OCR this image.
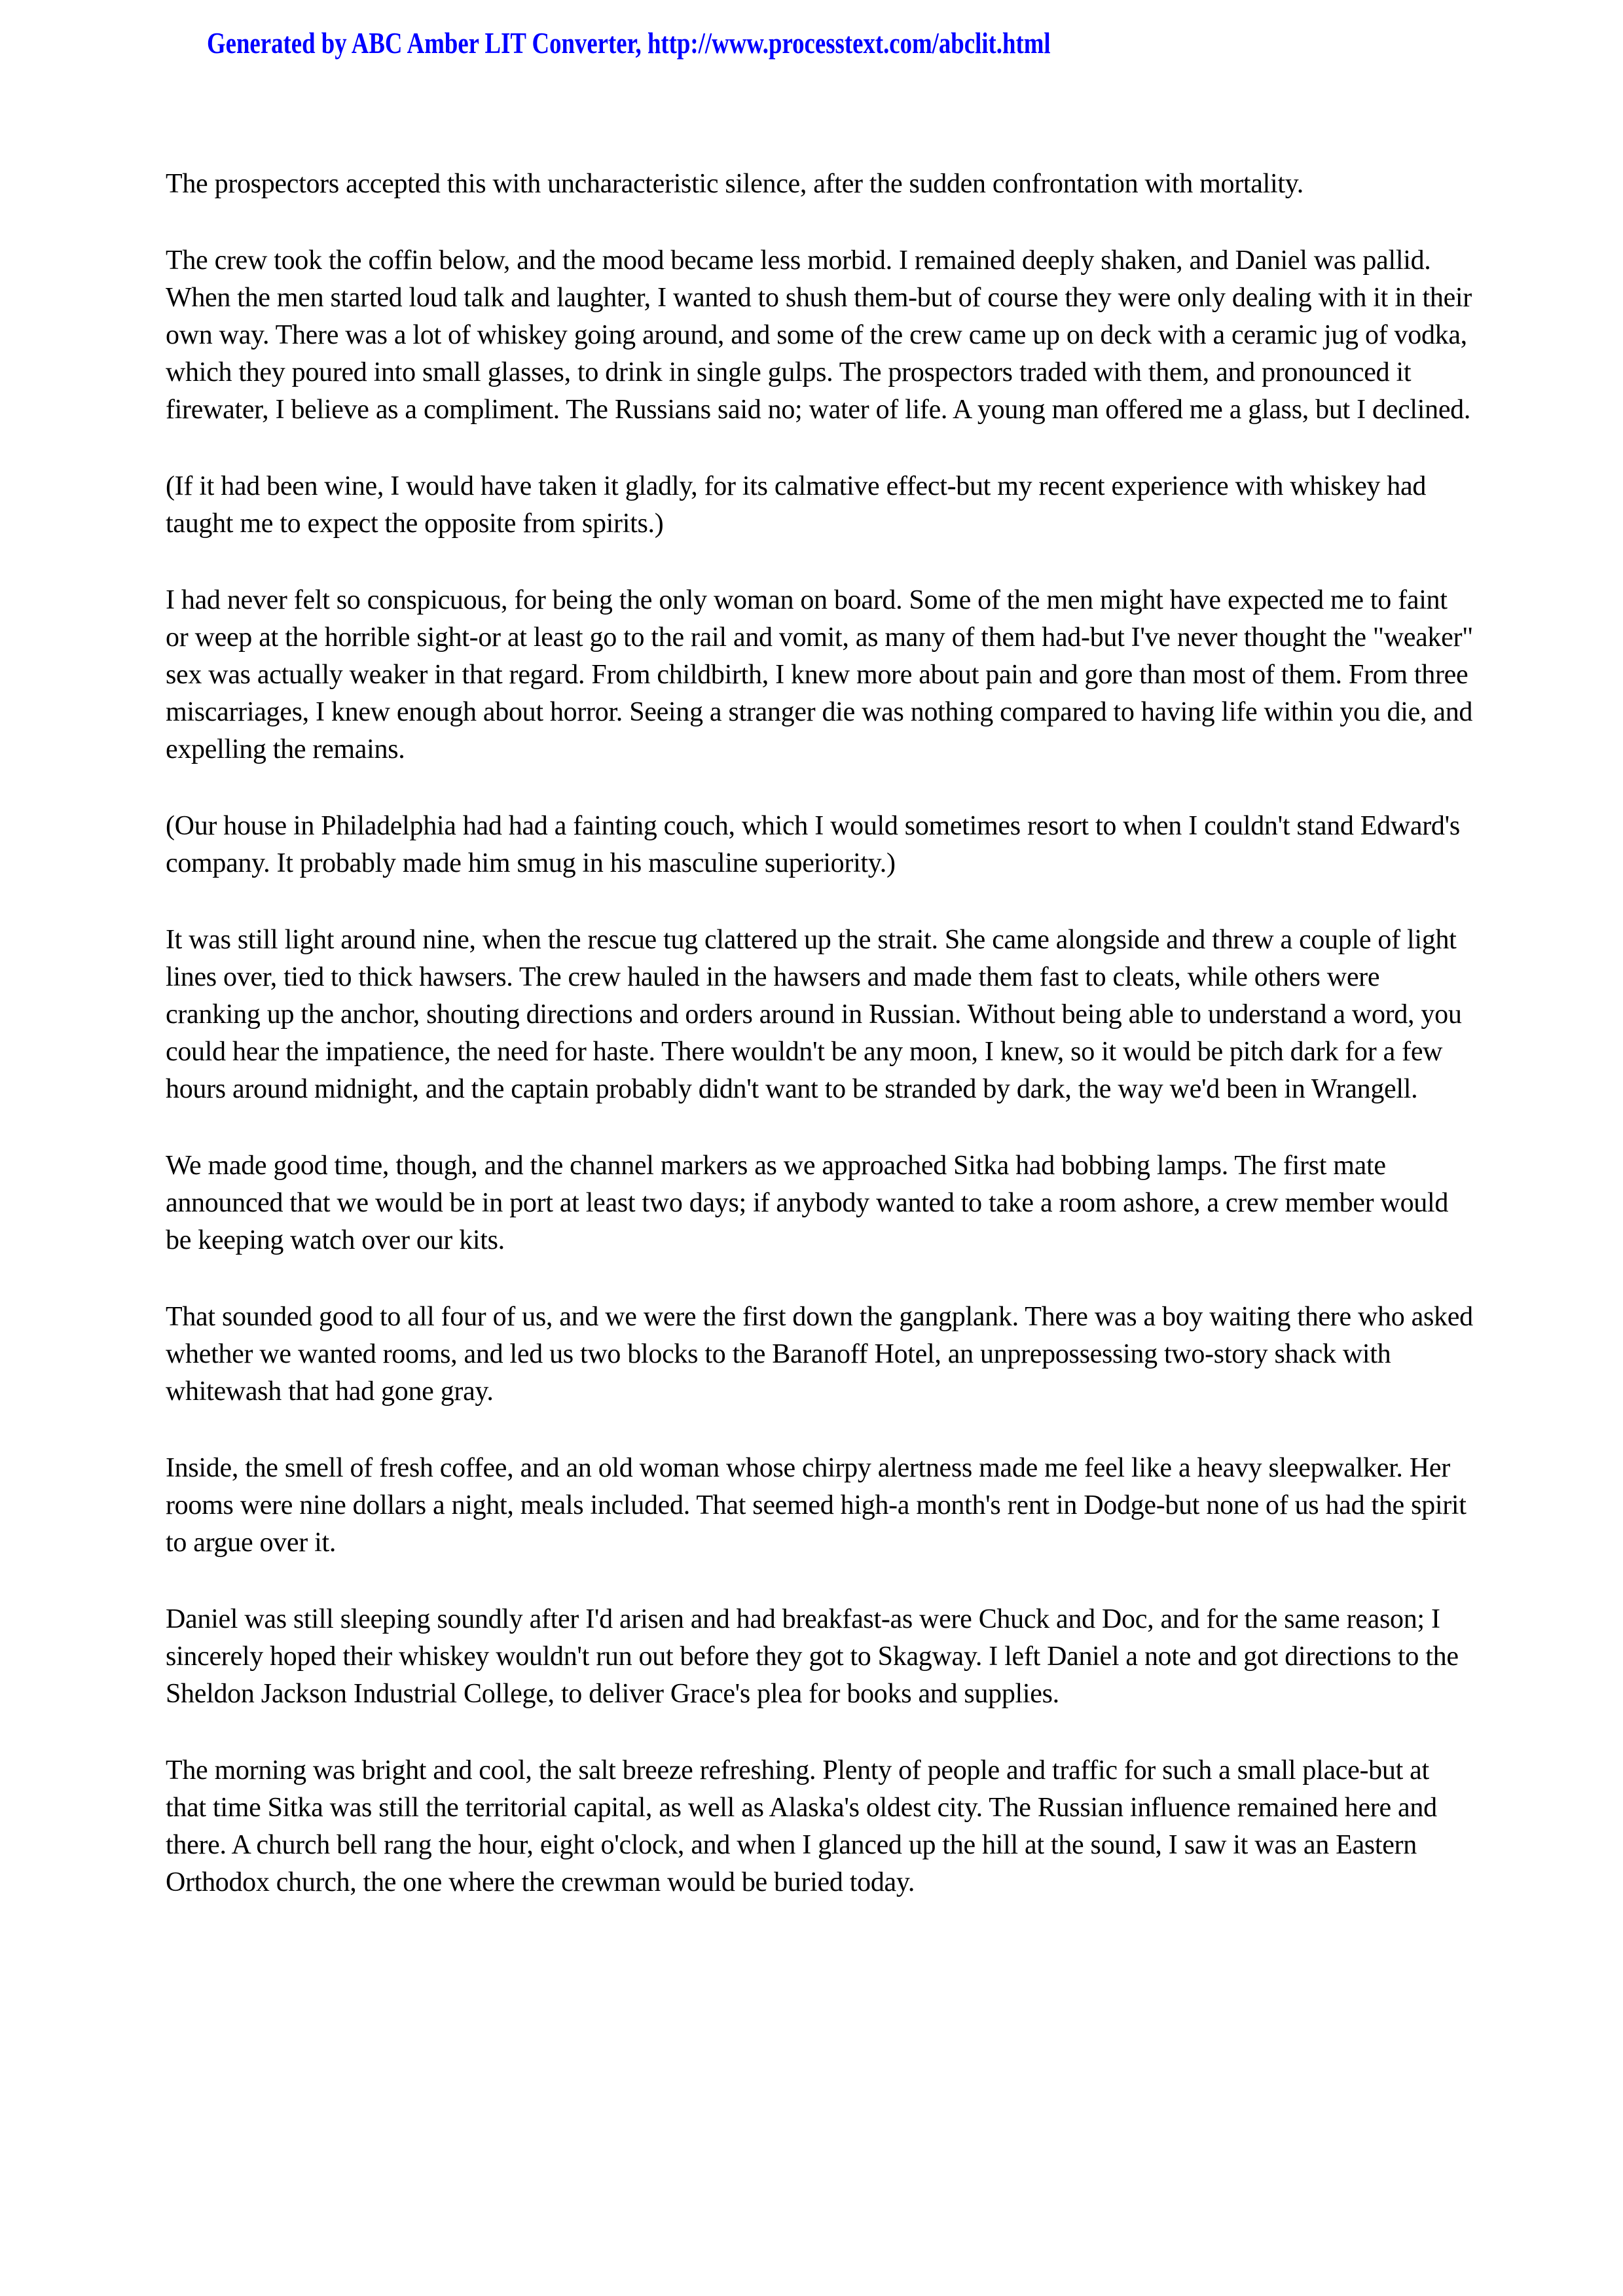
Generated by ABC Amber LIT Converter, http://www.processtext.com/abclit.html

The prospectors accepted this with uncharacteristic silence, after the sudden confrontation with mortality.

The crew took the coffin below, and the mood became less morbid. I remained deeply shaken, and Daniel was pallid. When the men started loud talk and laughter, I wanted to shush them-but of course they were only dealing with it in their own way. There was a lot of whiskey going around, and some of the crew came up on deck with a ceramic jug of vodka, which they poured into small glasses, to drink in single gulps. The prospectors traded with them, and pronounced it firewater, I believe as a compliment. The Russians said no; water of life. A young man offered me a glass, but I declined.

(If it had been wine, I would have taken it gladly, for its calmative effect-but my recent experience with whiskey had taught me to expect the opposite from spirits.)

I had never felt so conspicuous, for being the only woman on board. Some of the men might have expected me to faint or weep at the horrible sight-or at least go to the rail and vomit, as many of them had-but I've never thought the "weaker" sex was actually weaker in that regard. From childbirth, I knew more about pain and gore than most of them. From three miscarriages, I knew enough about horror. Seeing a stranger die was nothing compared to having life within you die, and expelling the remains.

(Our house in Philadelphia had had a fainting couch, which I would sometimes resort to when I couldn't stand Edward's company. It probably made him smug in his masculine superiority.)

It was still light around nine, when the rescue tug clattered up the strait. She came alongside and threw a couple of light lines over, tied to thick hawsers. The crew hauled in the hawsers and made them fast to cleats, while others were cranking up the anchor, shouting directions and orders around in Russian. Without being able to understand a word, you could hear the impatience, the need for haste. There wouldn't be any moon, I knew, so it would be pitch dark for a few hours around midnight, and the captain probably didn't want to be stranded by dark, the way we'd been in Wrangell.

We made good time, though, and the channel markers as we approached Sitka had bobbing lamps. The first mate announced that we would be in port at least two days; if anybody wanted to take a room ashore, a crew member would be keeping watch over our kits.

That sounded good to all four of us, and we were the first down the gangplank. There was a boy waiting there who asked whether we wanted rooms, and led us two blocks to the Baranoff Hotel, an unprepossessing two-story shack with whitewash that had gone gray.

Inside, the smell of fresh coffee, and an old woman whose chirpy alertness made me feel like a heavy sleepwalker. Her rooms were nine dollars a night, meals included. That seemed high-a month's rent in Dodge-but none of us had the spirit to argue over it.

Daniel was still sleeping soundly after I'd arisen and had breakfast-as were Chuck and Doc, and for the same reason; I sincerely hoped their whiskey wouldn't run out before they got to Skagway. I left Daniel a note and got directions to the Sheldon Jackson Industrial College, to deliver Grace's plea for books and supplies.

The morning was bright and cool, the salt breeze refreshing. Plenty of people and traffic for such a small place-but at that time Sitka was still the territorial capital, as well as Alaska's oldest city. The Russian influence remained here and there. A church bell rang the hour, eight o'clock, and when I glanced up the hill at the sound, I saw it was an Eastern Orthodox church, the one where the crewman would be buried today.
